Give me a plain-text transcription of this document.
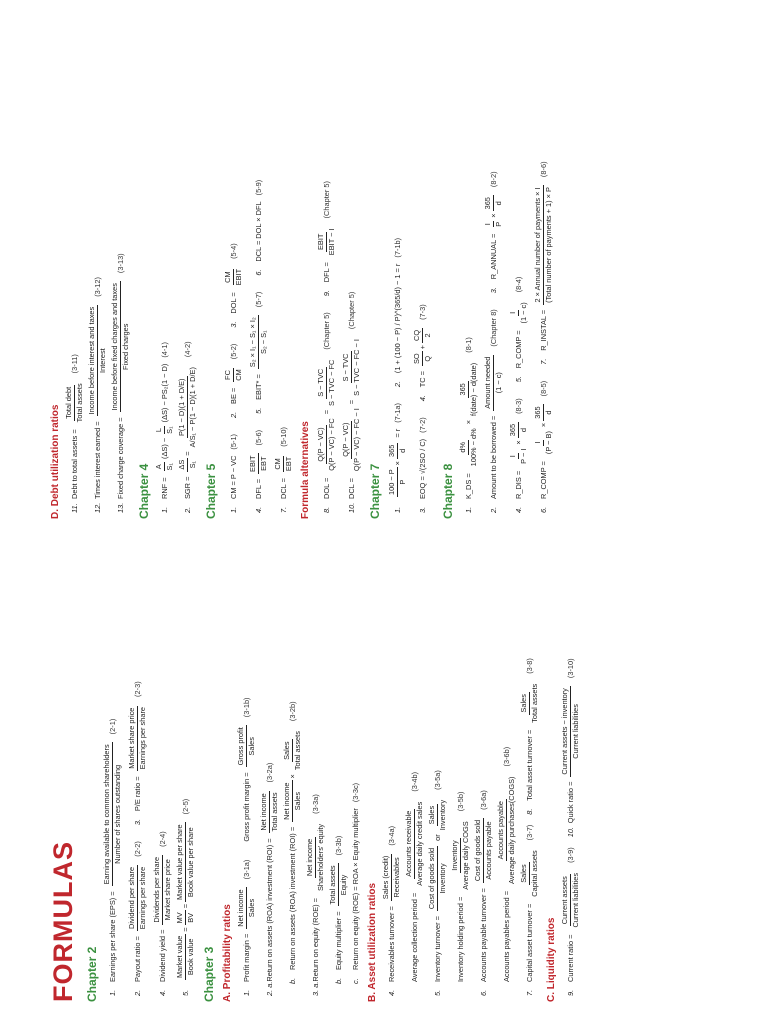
FORMULAS Chapter 2 1.
Earnings per share (EPS) =
Earning available to common shareholders Number of shares outstanding
(2-1)
2.
Payout ratio =
Dividend per share Earnings per share
(2-2)
3.
P/E ratio =
Market share price Earnings per share
(2-3)
4.
Dividend yield =
Dividends per share Market share price
(2-4)
5.
Market value Book value
=
MV BV
=
Market value per share Book value per share
(2-5)
Chapter 3 A. Profitability ratios 1.
Profit margin =
Net income Sales
(3-1a)
Gross profit margin =
Gross profit Sales
(3-1b)
2. a.
Return on assets (ROA) investment (ROI) =
Net income Total assets
(3-2a)
b.
Return on assets (ROA) investment (ROI) =
Net income Sales
×
Sales Total assets
(3-2b)
3. a.
Return on equity (ROE) =
Net income Shareholders' equity
(3-3a)
b.
Equity multiplier =
Total assets Equity
(3-3b)
c.
Return on equity (ROE) = ROA × Equity multiplier
(3-3c)
B. Asset utilization ratios 4.
Receivables turnover =
Sales (credit) Receivables
(3-4a)
Average collection period =
Accounts receivable Average daily credit sales
(3-4b)
5.
Inventory turnover =
Cost of goods sold Inventory
or
Sales Inventory
(3-5a)
Inventory holding period =
Inventory Average daily COGS
(3-5b)
6.
Accounts payable turnover =
Cost of goods sold Accounts payable
(3-6a)
Accounts payables period =
Accounts payable Average daily purchases(COGS)
(3-6b)
7.
Capital asset turnover =
Sales Capital assets
(3-7)
8.
Total asset turnover =
Sales Total assets
(3-8)
C. Liquidity ratios 9.
Current ratio =
Current assets Current liabilities
(3-9)
10.
Quick ratio =
Current assets − inventory Current liabilities
(3-10)
D. Debt utilization ratios 11.
Debt to total assets =
Total debt Total assets
(3-11)
12.
Times interest earned =
Income before interest and taxes Interest
(3-12)
13.
Fixed charge coverage =
Income before fixed charges and taxes Fixed charges
(3-13)
Chapter 4 1.
RNF =
A S₁
(ΔS) −
L S₁
(ΔS) − PS₂(1 − D)
(4-1)
2.
SGR =
ΔS S₁
=
P(1 − D)(1 + D/E) A/S₁ − P(1 − D)(1 + D/E)
(4-2)
Chapter 5 1.
CM = P − VC
(5-1)
2.
BE =
FC CM
(5-2)
3.
DOL =
CM EBIT
(5-4)
4.
DFL =
EBIT EBT
(5-6)
5.
EBIT* =
S₂ × I₁ − S₁ × I₂ S₂ − S₁
(5-7)
6.
DCL = DOL × DFL
(5-9)
7.
DCL =
CM EBT
(5-10) Formula alternatives 8.
DOL =
Q(P − VC) Q(P − VC) − FC
=
S − TVC S − TVC − FC
(Chapter 5)
9.
DFL =
EBIT EBIT − I
(Chapter 5)
10.
DCL =
Q(P − VC) Q(P − VC) − FC − I
=
S − TVC S − TVC − FC − I
(Chapter 5)
Chapter 7 1.
100 − P P
×
365 d
= r
(7-1a)
2.
(1 + (100 − P) / P)^(365/d) − 1 = r
(7-1b)
3.
EOQ = √(2SO / C)
(7-2)
4.
TC =
SO Q
+
CQ 2
(7-3)
Chapter 8 1.
K_DS =
d% 100% − d%
×
365 f(date) − d(date)
(8-1)
2.
Amount to be borrowed =
Amount needed (1 − c)
(Chapter 8)
3.
R_ANNUAL =
I P
×
365 d
(8-2)
4.
R_DIS =
I P − I
×
365 d
(8-3)
5.
R_COMP =
I (1 − c)
(8-4)
6.
R_COMP =
I (P − B)
×
365 d
(8-5)
7.
R_INSTAL =
2 × Annual number of payments × I (Total number of payments + 1) × P
(8-6)
